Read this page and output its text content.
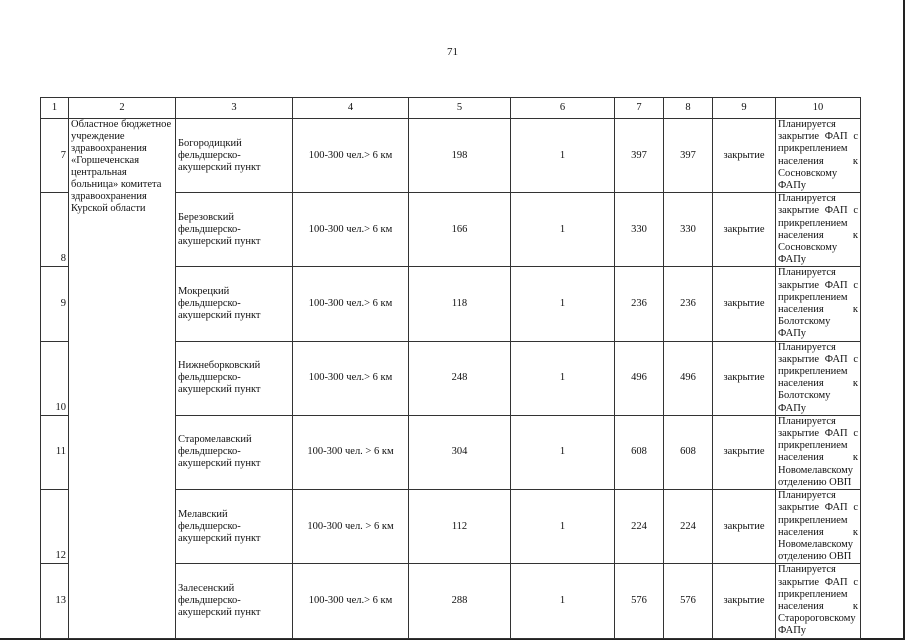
71
1	2	3	4	5	6	7	8	9	10
7	Областное бюджетное учреждение здравоохранения «Горшеченская центральная больница» комитета здравоохранения Курской области	Богородицкий фельдшерско-акушерский пункт	100-300 чел.> 6 км	198	1	397	397	закрытие	Планируется закрытие ФАП с прикреплением населения к Сосновскому ФАПу
8		Березовский фельдшерско-акушерский пункт	100-300 чел.> 6 км	166	1	330	330	закрытие	Планируется закрытие ФАП с прикреплением населения к Сосновскому ФАПу
9		Мокрецкий фельдшерско-акушерский пункт	100-300 чел.> 6 км	118	1	236	236	закрытие	Планируется закрытие ФАП с прикреплением населения к Болотскому ФАПу
10		Нижнеборковский фельдшерско-акушерский пункт	100-300 чел.> 6 км	248	1	496	496	закрытие	Планируется закрытие ФАП с прикреплением населения к Болотскому ФАПу
11		Старомелавский фельдшерско-акушерский пункт	100-300 чел. > 6 км	304	1	608	608	закрытие	Планируется закрытие ФАП с прикреплением населения к Новомелавскому отделению ОВП
12		Мелавский фельдшерско-акушерский пункт	100-300 чел. > 6 км	112	1	224	224	закрытие	Планируется закрытие ФАП с прикреплением населения к Новомелавскому отделению ОВП
13		Залесенский фельдшерско-акушерский пункт	100-300 чел.> 6 км	288	1	576	576	закрытие	Планируется закрытие ФАП с прикреплением населения к Старороговскому ФАПу
